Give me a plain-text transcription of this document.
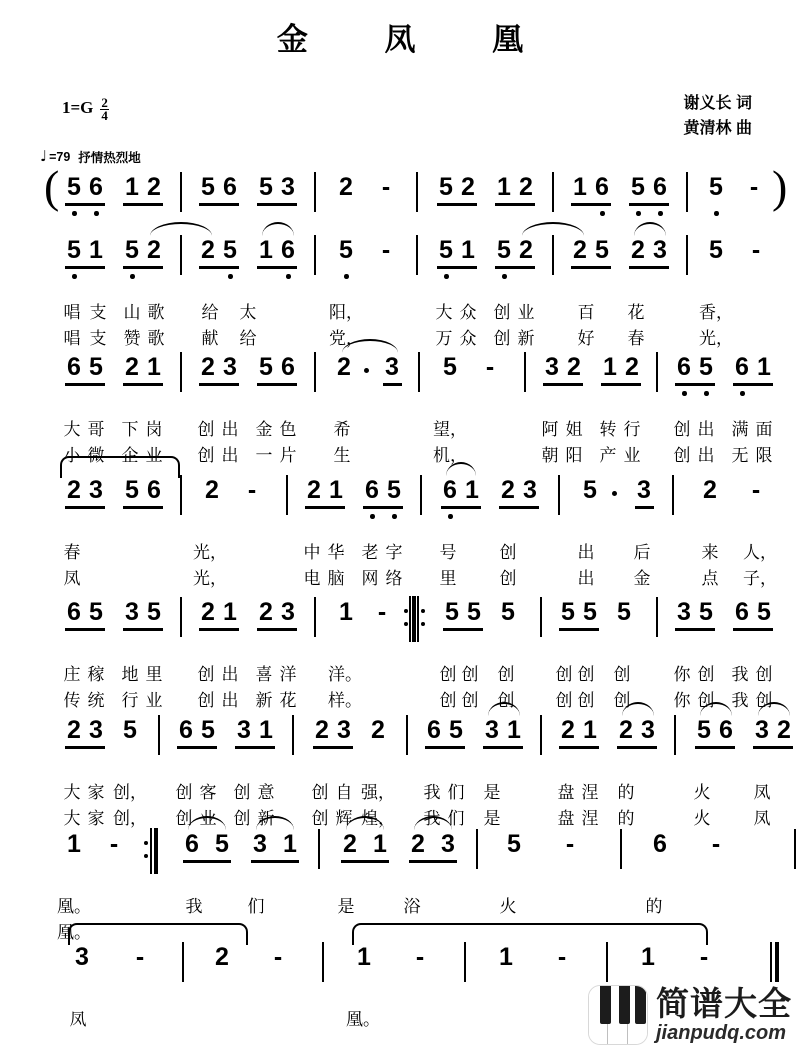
金 凤 凰
$1=G \frac{2}{4}$	谢义长 词
黄清林 曲
♩ =79 抒情热烈地
( 5 6 1 2 5 6 5 3 2 - 5 2 1 2 1 6 5 6 5 - )
5 1 5 2 2 5 1 6 5 - 5 1 5 2 2 5 2 3 5 -
唱 支 山 歌 给 太	阳，	大 众 创 业	百 花	香，
唱 支 赞 歌 献 给	党，	万 众 创 新	好 春	光，
6 5 2 1 2 3 5 6 2 3 5 - 3 2 1 2 6 5 6 1
大 哥 下 岗 创 出 金 色 希	望，	阿 姐 转 行 创 出 满 面
小 微 企 业 创 出 一 片 生	机，	朝 阳 产 业 创 出 无 限
2 3 5 6 2 - 2 1 6 5 6 1 2 3 5 3 2 -
春	光，	中 华 老 字 号	创	出 后	来	人，
凤	光，	电 脑 网 络 里	创	出 金	点	子，
6 5 3 5 2 1 2 3 1 - 5 5 5 5 5 5 3 5 6 5
庄 稼 地 里 创 出 喜 洋 洋。	创 创 创 创 创 创	你 创 我 创
传 统 行 业 创 出 新 花 样。	创 创 创 创 创 创	你 创 我 创
2 3 5 6 5 3 1 2 3 2 6 5 3 1 2 1 2 3 5 6 3 2
大 家 创， 创 客 创 意 创 自 强， 我 们 是	盘 涅 的	火	凤
大 家 创， 创 业 创 新 创 辉 煌， 我 们 是	盘 涅 的	火	凤
1 -	6 5 3 1 2 1 2 3 5 -	6 -
凰。	我	们	是	浴	火	的
凰。
3 -	2 -	1 -	1 -	1 -
凤	凰。	简谱大全
jianpudq.com
